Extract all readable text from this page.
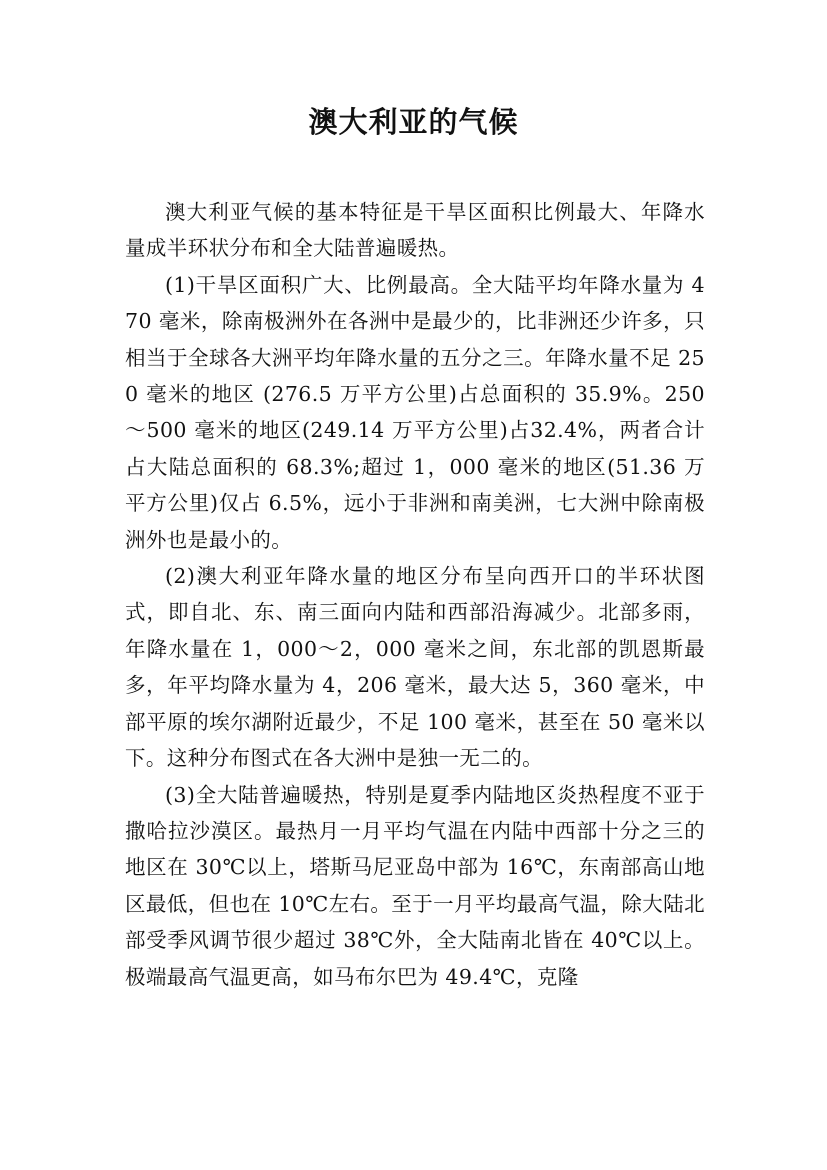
澳大利亚的气候

澳大利亚气候的基本特征是干旱区面积比例最大、年降水量成半环状分布和全大陆普遍暖热。

(1)干旱区面积广大、比例最高。全大陆平均年降水量为 470 毫米，除南极洲外在各洲中是最少的，比非洲还少许多，只相当于全球各大洲平均年降水量的五分之三。年降水量不足 250 毫米的地区 (276.5 万平方公里)占总面积的 35.9%。250～500 毫米的地区(249.14 万平方公里)占32.4%，两者合计占大陆总面积的 68.3%;超过 1，000 毫米的地区(51.36 万平方公里)仅占 6.5%，远小于非洲和南美洲，七大洲中除南极洲外也是最小的。

(2)澳大利亚年降水量的地区分布呈向西开口的半环状图式，即自北、东、南三面向内陆和西部沿海减少。北部多雨，年降水量在 1，000～2，000 毫米之间，东北部的凯恩斯最多，年平均降水量为 4，206 毫米，最大达 5，360 毫米，中部平原的埃尔湖附近最少，不足 100 毫米，甚至在 50 毫米以下。这种分布图式在各大洲中是独一无二的。

(3)全大陆普遍暖热，特别是夏季内陆地区炎热程度不亚于撒哈拉沙漠区。最热月一月平均气温在内陆中西部十分之三的地区在 30℃以上，塔斯马尼亚岛中部为 16℃，东南部高山地区最低，但也在 10℃左右。至于一月平均最高气温，除大陆北部受季风调节很少超过 38℃外，全大陆南北皆在 40℃以上。极端最高气温更高，如马布尔巴为 49.4℃，克隆
